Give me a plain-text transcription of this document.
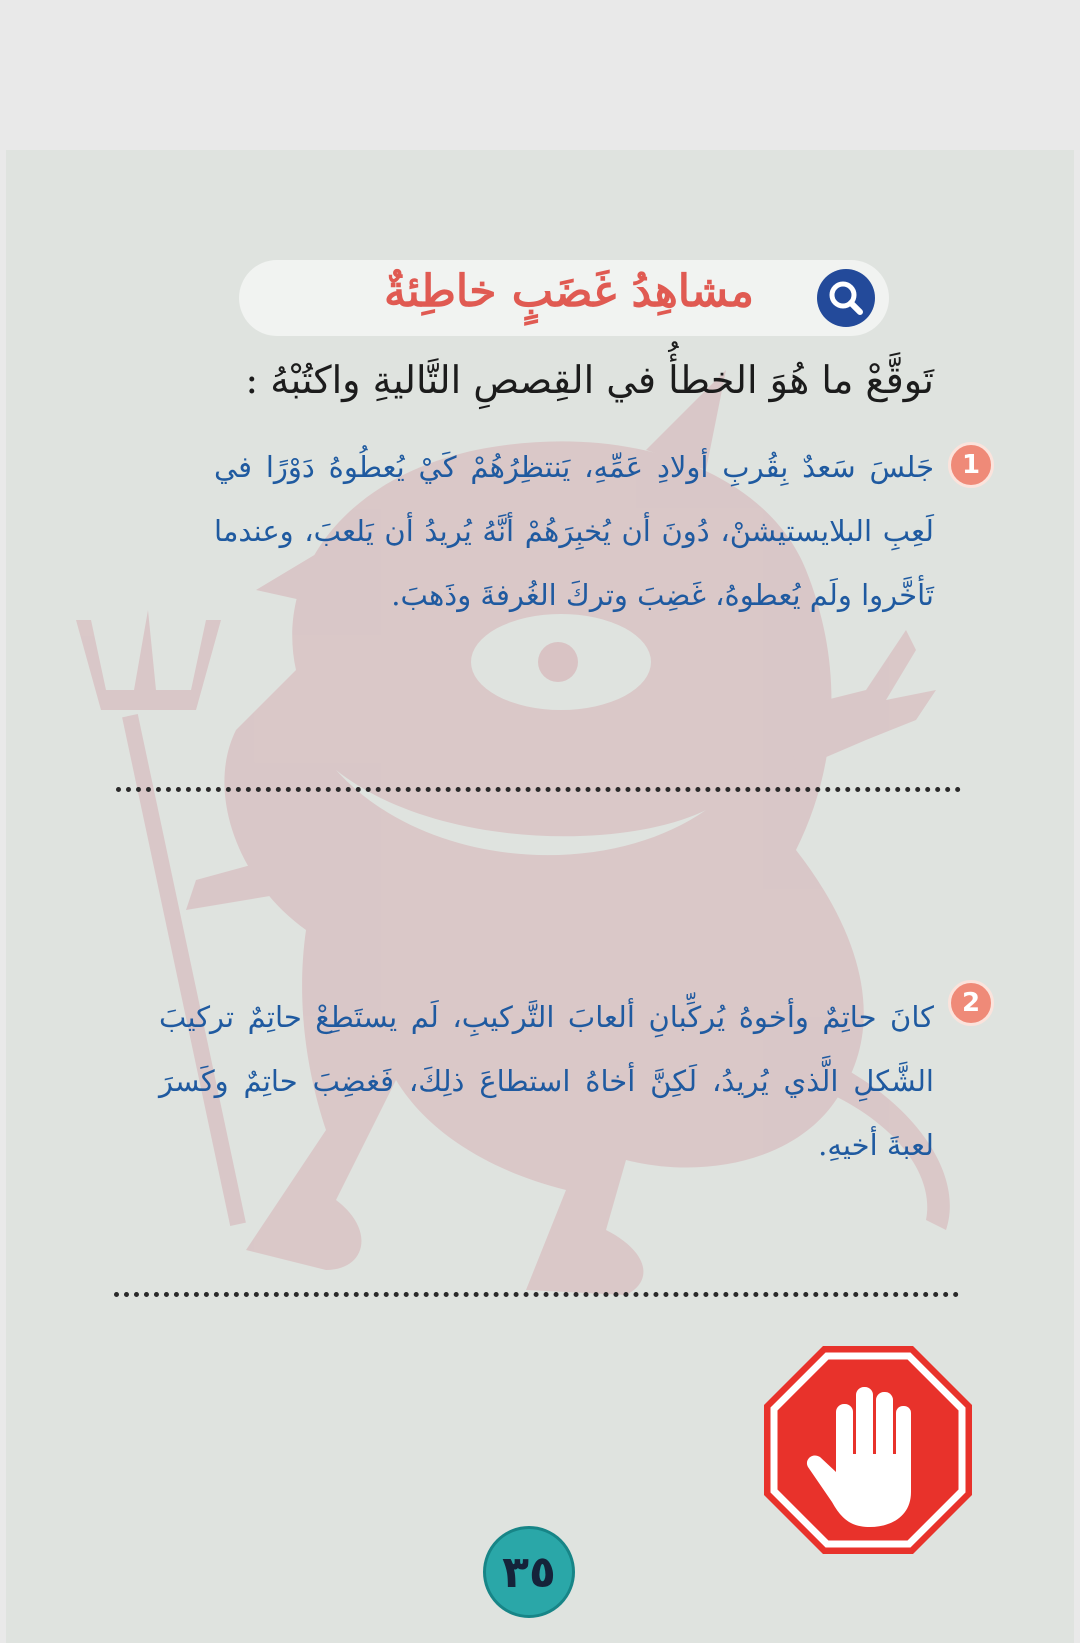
مشاهِدُ غَضَبٍ خاطِئةٌ
تَوقَّعْ ما هُوَ الخطأُ في القِصصِ التَّاليةِ واكتُبْهُ :
1
جَلسَ سَعدٌ بِقُربِ أولادِ عَمِّهِ، يَنتظِرُهُمْ كَيْ يُعطُوهُ دَوْرًا في لَعِبِ البلايستيشنْ، دُونَ أن يُخبِرَهُمْ أنَّهُ يُريدُ أن يَلعبَ، وعندما تَأخَّروا ولَم يُعطوهُ، غَضِبَ وتركَ الغُرفةَ وذَهبَ.
2
كانَ حاتِمٌ وأخوهُ يُركِّبانِ ألعابَ التَّركيبِ، لَم يستَطِعْ حاتِمٌ تركيبَ الشَّكلِ الَّذي يُريدُ، لَكِنَّ أخاهُ استطاعَ ذلِكَ، فَغضِبَ حاتِمٌ وكَسرَ لعبةَ أخيهِ.
٣٥
